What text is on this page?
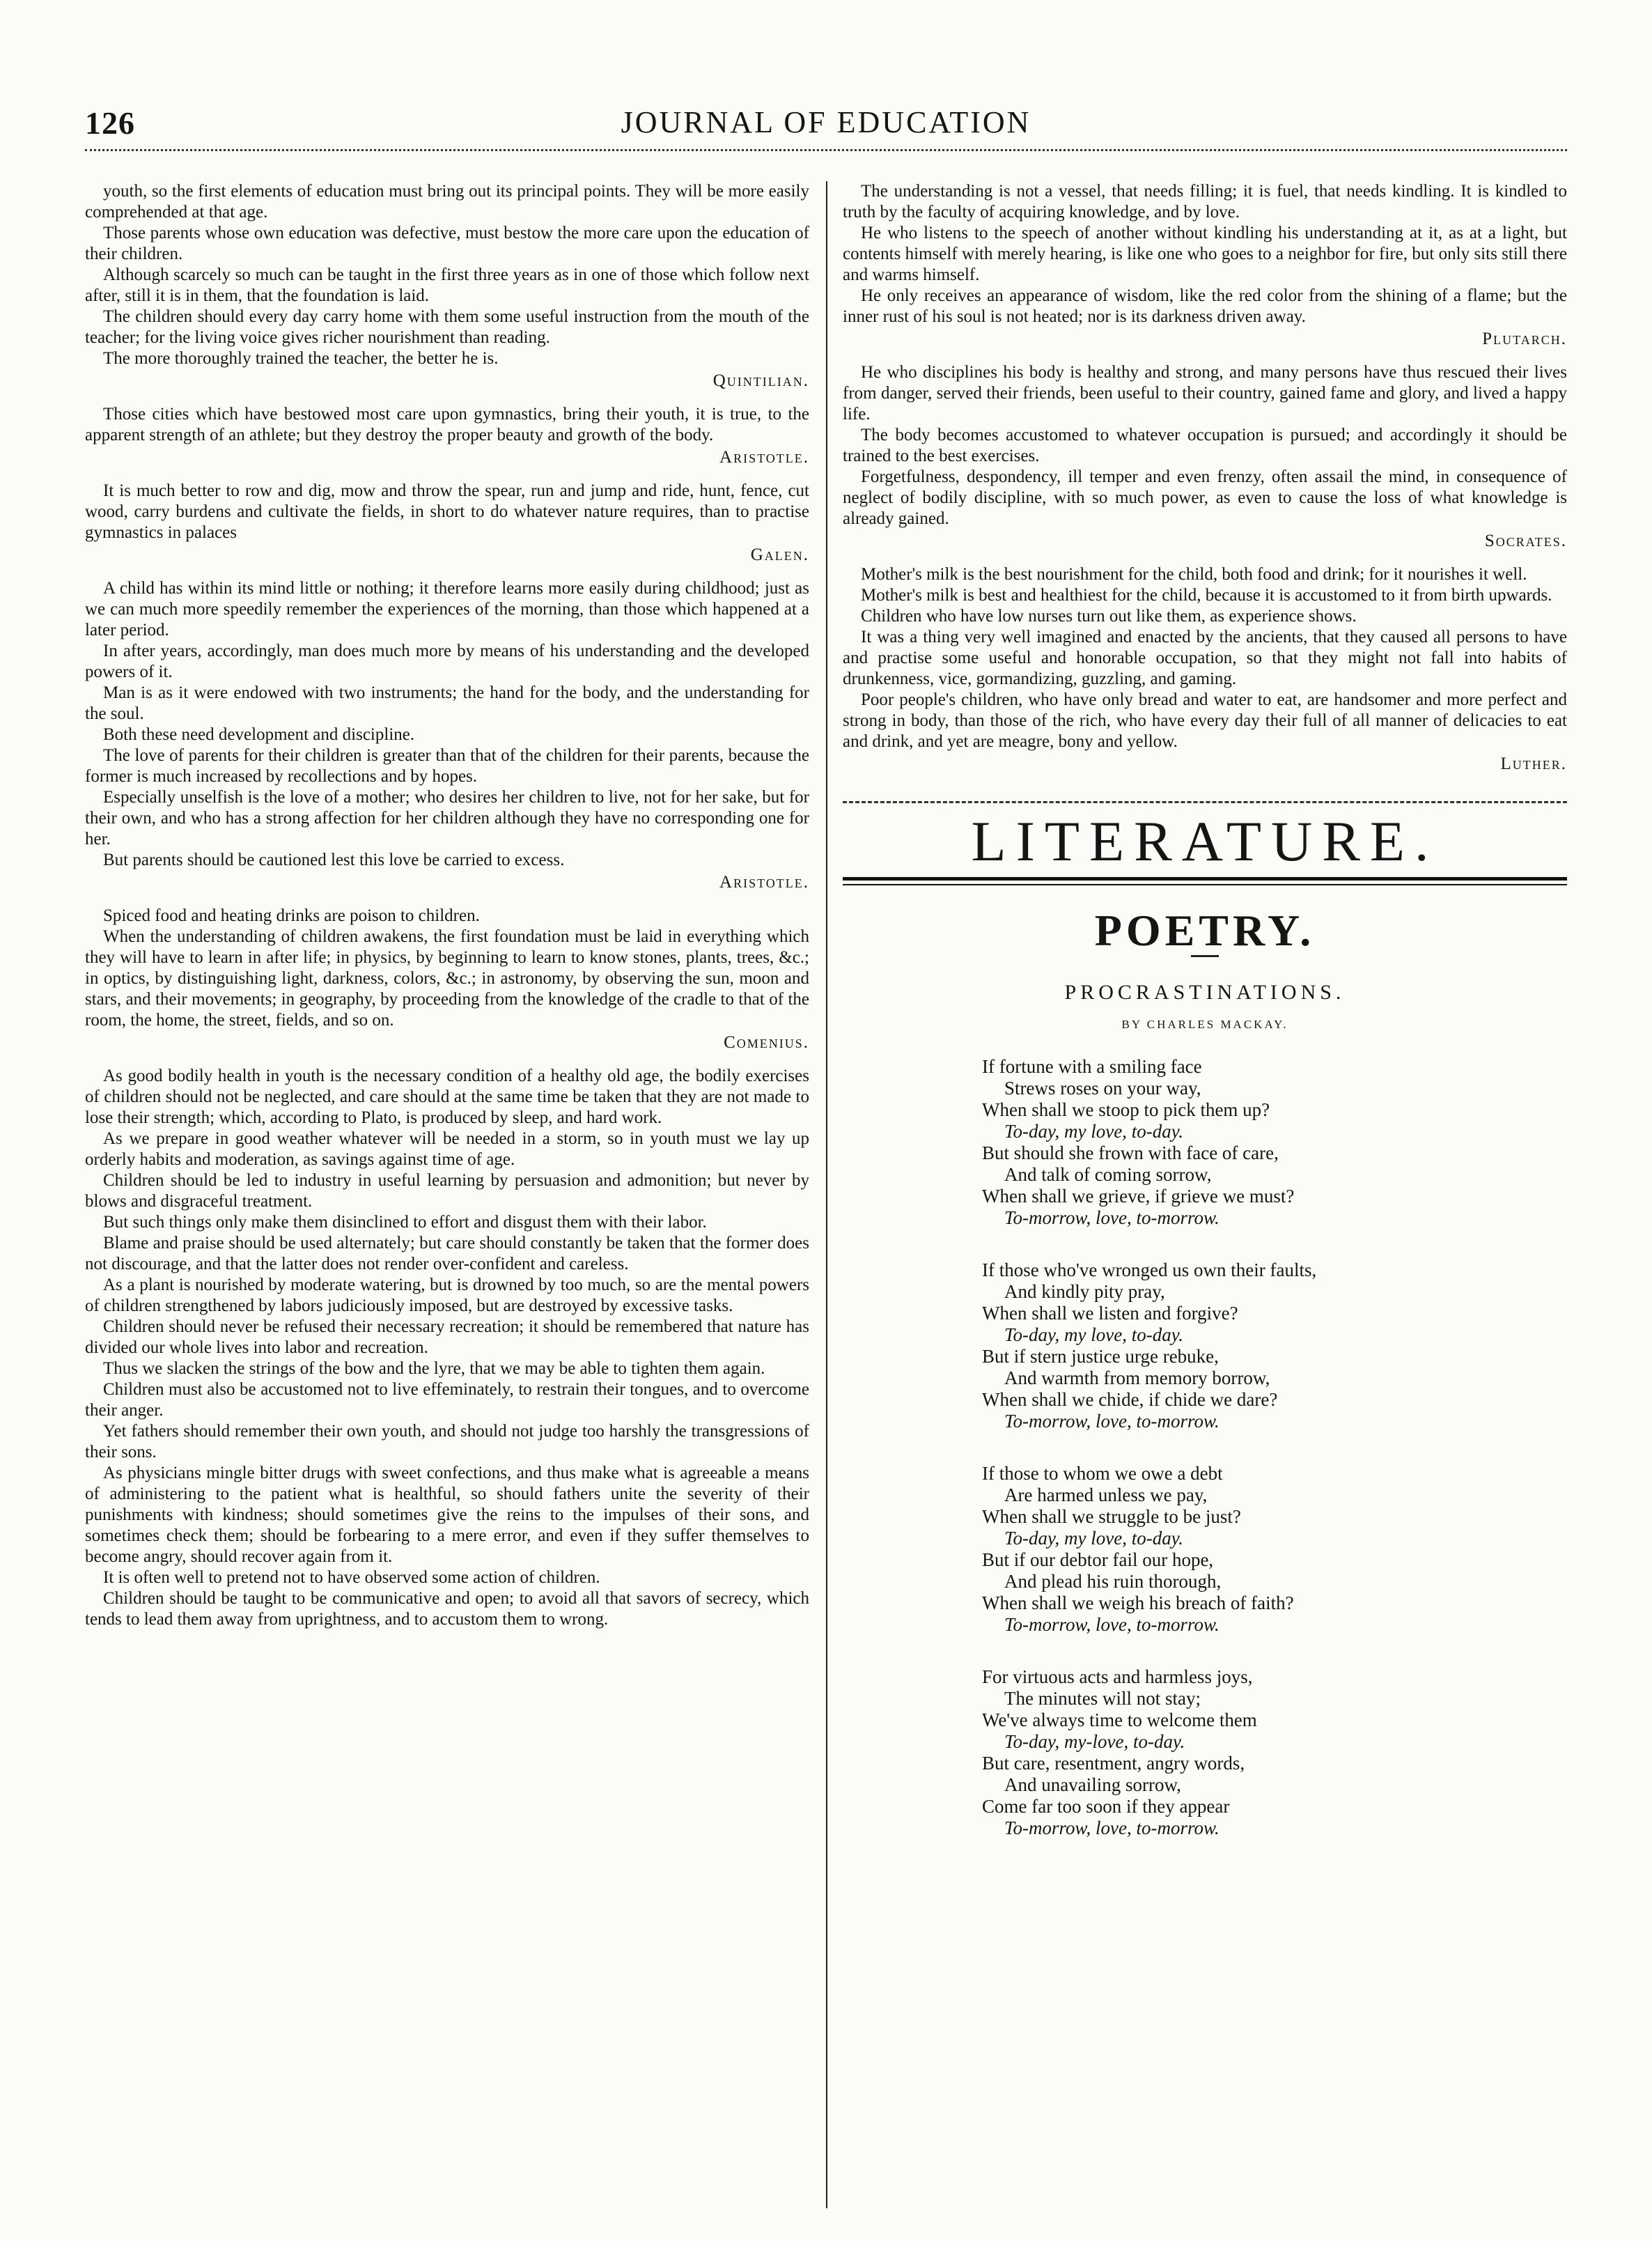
126	JOURNAL OF EDUCATION

youth, so the first elements of education must bring out its principal points. They will be more easily comprehended at that age.

Those parents whose own education was defective, must bestow the more care upon the education of their children.

Although scarcely so much can be taught in the first three years as in one of those which follow next after, still it is in them, that the foundation is laid.

The children should every day carry home with them some useful instruction from the mouth of the teacher; for the living voice gives richer nourishment than reading.

The more thoroughly trained the teacher, the better he is.

Quintilian.

Those cities which have bestowed most care upon gymnastics, bring their youth, it is true, to the apparent strength of an athlete; but they destroy the proper beauty and growth of the body.

Aristotle.

It is much better to row and dig, mow and throw the spear, run and jump and ride, hunt, fence, cut wood, carry burdens and cultivate the fields, in short to do whatever nature requires, than to practise gymnastics in palaces

Galen.

A child has within its mind little or nothing; it therefore learns more easily during childhood; just as we can much more speedily remember the experiences of the morning, than those which happened at a later period.

In after years, accordingly, man does much more by means of his understanding and the developed powers of it.

Man is as it were endowed with two instruments; the hand for the body, and the understanding for the soul.

Both these need development and discipline.

The love of parents for their children is greater than that of the children for their parents, because the former is much increased by recollections and by hopes.

Especially unselfish is the love of a mother; who desires her children to live, not for her sake, but for their own, and who has a strong affection for her children although they have no corresponding one for her.

But parents should be cautioned lest this love be carried to excess.

Aristotle.

Spiced food and heating drinks are poison to children.

When the understanding of children awakens, the first foundation must be laid in everything which they will have to learn in after life; in physics, by beginning to learn to know stones, plants, trees, &c.; in optics, by distinguishing light, darkness, colors, &c.; in astronomy, by observing the sun, moon and stars, and their movements; in geography, by proceeding from the knowledge of the cradle to that of the room, the home, the street, fields, and so on.

Comenius.

As good bodily health in youth is the necessary condition of a healthy old age, the bodily exercises of children should not be neglected, and care should at the same time be taken that they are not made to lose their strength; which, according to Plato, is produced by sleep, and hard work.

As we prepare in good weather whatever will be needed in a storm, so in youth must we lay up orderly habits and moderation, as savings against time of age.

Children should be led to industry in useful learning by persuasion and admonition; but never by blows and disgraceful treatment.

But such things only make them disinclined to effort and disgust them with their labor.

Blame and praise should be used alternately; but care should constantly be taken that the former does not discourage, and that the latter does not render over-confident and careless.

As a plant is nourished by moderate watering, but is drowned by too much, so are the mental powers of children strengthened by labors judiciously imposed, but are destroyed by excessive tasks.

Children should never be refused their necessary recreation; it should be remembered that nature has divided our whole lives into labor and recreation.

Thus we slacken the strings of the bow and the lyre, that we may be able to tighten them again.

Children must also be accustomed not to live effeminately, to restrain their tongues, and to overcome their anger.

Yet fathers should remember their own youth, and should not judge too harshly the transgressions of their sons.

As physicians mingle bitter drugs with sweet confections, and thus make what is agreeable a means of administering to the patient what is healthful, so should fathers unite the severity of their punishments with kindness; should sometimes give the reins to the impulses of their sons, and sometimes check them; should be forbearing to a mere error, and even if they suffer themselves to become angry, should recover again from it.

It is often well to pretend not to have observed some action of children.

Children should be taught to be communicative and open; to avoid all that savors of secrecy, which tends to lead them away from uprightness, and to accustom them to wrong.

The understanding is not a vessel, that needs filling; it is fuel, that needs kindling. It is kindled to truth by the faculty of acquiring knowledge, and by love.

He who listens to the speech of another without kindling his understanding at it, as at a light, but contents himself with merely hearing, is like one who goes to a neighbor for fire, but only sits still there and warms himself.

He only receives an appearance of wisdom, like the red color from the shining of a flame; but the inner rust of his soul is not heated; nor is its darkness driven away.

Plutarch.

He who disciplines his body is healthy and strong, and many persons have thus rescued their lives from danger, served their friends, been useful to their country, gained fame and glory, and lived a happy life.

The body becomes accustomed to whatever occupation is pursued; and accordingly it should be trained to the best exercises.

Forgetfulness, despondency, ill temper and even frenzy, often assail the mind, in consequence of neglect of bodily discipline, with so much power, as even to cause the loss of what knowledge is already gained.

Socrates.

Mother's milk is the best nourishment for the child, both food and drink; for it nourishes it well.

Mother's milk is best and healthiest for the child, because it is accustomed to it from birth upwards.

Children who have low nurses turn out like them, as experience shows.

It was a thing very well imagined and enacted by the ancients, that they caused all persons to have and practise some useful and honorable occupation, so that they might not fall into habits of drunkenness, vice, gormandizing, guzzling, and gaming.

Poor people's children, who have only bread and water to eat, are handsomer and more perfect and strong in body, than those of the rich, who have every day their full of all manner of delicacies to eat and drink, and yet are meagre, bony and yellow.

Luther.

LITERATURE.
POETRY.
PROCRASTINATIONS.
BY CHARLES MACKAY.
If fortune with a smiling face
Strews roses on your way,
When shall we stoop to pick them up?
To-day, my love, to-day.
But should she frown with face of care,
And talk of coming sorrow,
When shall we grieve, if grieve we must?
To-morrow, love, to-morrow.
If those who've wronged us own their faults,
And kindly pity pray,
When shall we listen and forgive?
To-day, my love, to-day.
But if stern justice urge rebuke,
And warmth from memory borrow,
When shall we chide, if chide we dare?
To-morrow, love, to-morrow.
If those to whom we owe a debt
Are harmed unless we pay,
When shall we struggle to be just?
To-day, my love, to-day.
But if our debtor fail our hope,
And plead his ruin thorough,
When shall we weigh his breach of faith?
To-morrow, love, to-morrow.
For virtuous acts and harmless joys,
The minutes will not stay;
We've always time to welcome them
To-day, my-love, to-day.
But care, resentment, angry words,
And unavailing sorrow,
Come far too soon if they appear
To-morrow, love, to-morrow.
